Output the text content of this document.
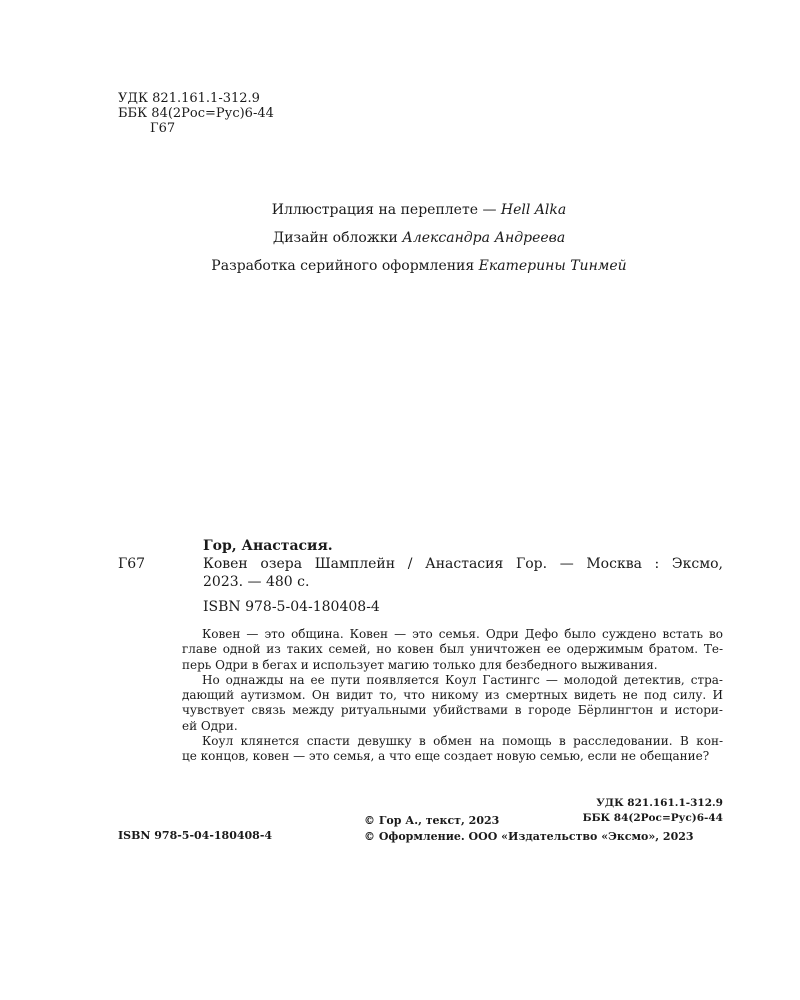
УДК 821.161.1-312.9
ББК 84(2Рос=Рус)6-44
Г67
Иллюстрация на переплете — Hell Alka
Дизайн обложки Александра Андреева
Разработка серийного оформления Екатерины Тинмей
Гор, Анастасия.
Г67	Ковен озера Шамплейн / Анастасия Гор. — Москва : Эксмо,
2023. — 480 с.
ISBN 978-5-04-180408-4
Ковен — это община. Ковен — это семья. Одри Дефо было суждено встать во
главе одной из таких семей, но ковен был уничтожен ее одержимым братом. Те-
перь Одри в бегах и использует магию только для безбедного выживания.
Но однажды на ее пути появляется Коул Гастингс — молодой детектив, стра-
дающий аутизмом. Он видит то, что никому из смертных видеть не под силу. И
чувствует связь между ритуальными убийствами в городе Бёрлингтон и истори-
ей Одри.
Коул клянется спасти девушку в обмен на помощь в расследовании. В кон-
це концов, ковен — это семья, а что еще создает новую семью, если не обещание?
УДК 821.161.1-312.9
ББК 84(2Рос=Рус)6-44
ISBN 978-5-04-180408-4
© Гор А., текст, 2023
© Оформление. ООО «Издательство «Эксмо», 2023
